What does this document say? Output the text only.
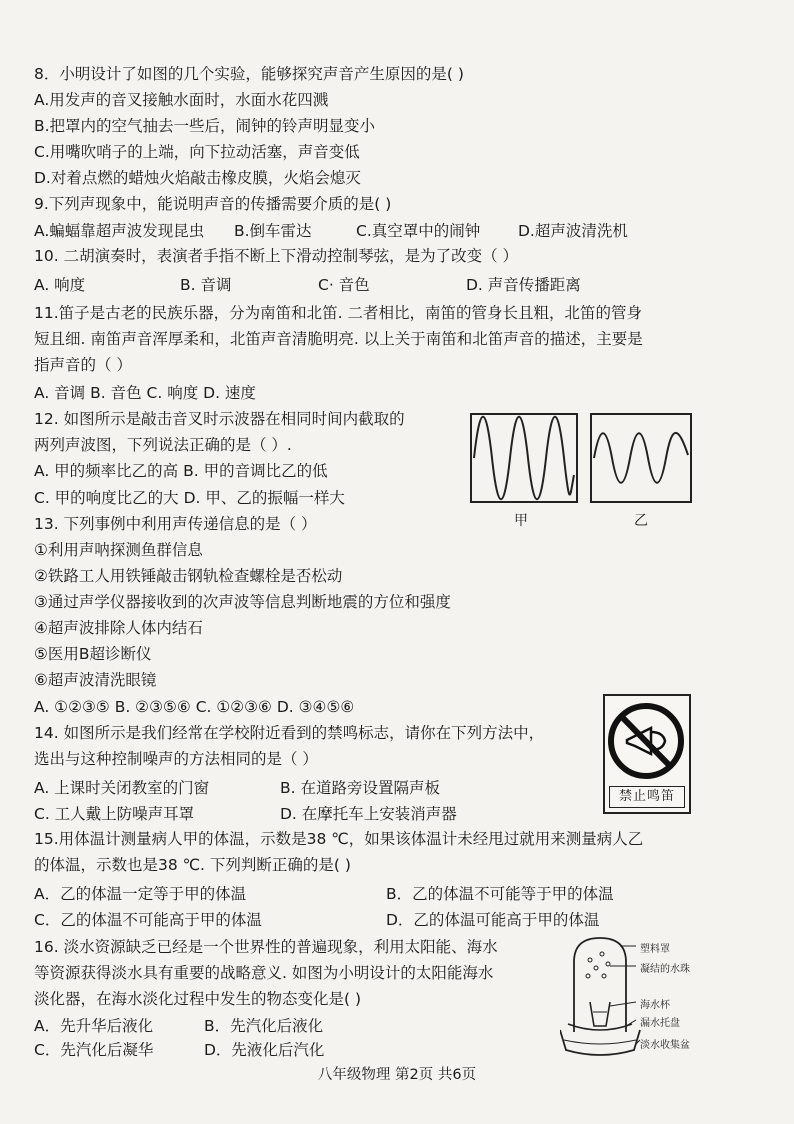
8．小明设计了如图的几个实验，能够探究声音产生原因的是( )
A.用发声的音叉接触水面时，水面水花四溅
B.把罩内的空气抽去一些后，闹钟的铃声明显变小
C.用嘴吹哨子的上端，向下拉动活塞，声音变低
D.对着点燃的蜡烛火焰敲击橡皮膜，火焰会熄灭
9.下列声现象中，能说明声音的传播需要介质的是( )
A.蝙蝠靠超声波发现昆虫 B.倒车雷达	C.真空罩中的闹钟 D.超声波清洗机
10. 二胡演奏时，表演者手指不断上下滑动控制琴弦，是为了改变（ ）
A. 响度	B. 音调	C· 音色	D. 声音传播距离
11.笛子是古老的民族乐器，分为南笛和北笛. 二者相比，南笛的管身长且粗，北笛的管身
短且细. 南笛声音浑厚柔和，北笛声音清脆明亮. 以上关于南笛和北笛声音的描述，主要是
指声音的（ ）
A. 音调 B. 音色 C. 响度 D. 速度
12. 如图所示是敲击音叉时示波器在相同时间内截取的
两列声波图，下列说法正确的是（ ）.
A. 甲的频率比乙的高 B. 甲的音调比乙的低
C. 甲的响度比乙的大 D. 甲、乙的振幅一样大
甲	乙
13. 下列事例中利用声传递信息的是（ ）
①利用声呐探测鱼群信息
②铁路工人用铁锤敲击钢轨检查螺栓是否松动
③通过声学仪器接收到的次声波等信息判断地震的方位和强度
④超声波排除人体内结石
⑤医用B超诊断仪
⑥超声波清洗眼镜
A. ①②③⑤ B. ②③⑤⑥ C. ①②③⑥ D. ③④⑤⑥
14. 如图所示是我们经常在学校附近看到的禁鸣标志，请你在下列方法中，
选出与这种控制噪声的方法相同的是（ ）
A. 上课时关闭教室的门窗	B. 在道路旁设置隔声板
C. 工人戴上防噪声耳罩	D. 在摩托车上安装消声器
禁止鸣笛
15.用体温计测量病人甲的体温，示数是38 ℃，如果该体温计未经甩过就用来测量病人乙
的体温，示数也是38 ℃. 下列判断正确的是( )
A．乙的体温一定等于甲的体温	B．乙的体温不可能等于甲的体温
C．乙的体温不可能高于甲的体温	D．乙的体温可能高于甲的体温
16. 淡水资源缺乏已经是一个世界性的普遍现象，利用太阳能、海水
等资源获得淡水具有重要的战略意义. 如图为小明设计的太阳能海水
淡化器，在海水淡化过程中发生的物态变化是( )
A．先升华后液化	B．先汽化后液化
C．先汽化后凝华	D．先液化后汽化
塑料罩
凝结的水珠
海水杯
漏水托盘
淡水收集盆
八年级物理 第2页 共6页
